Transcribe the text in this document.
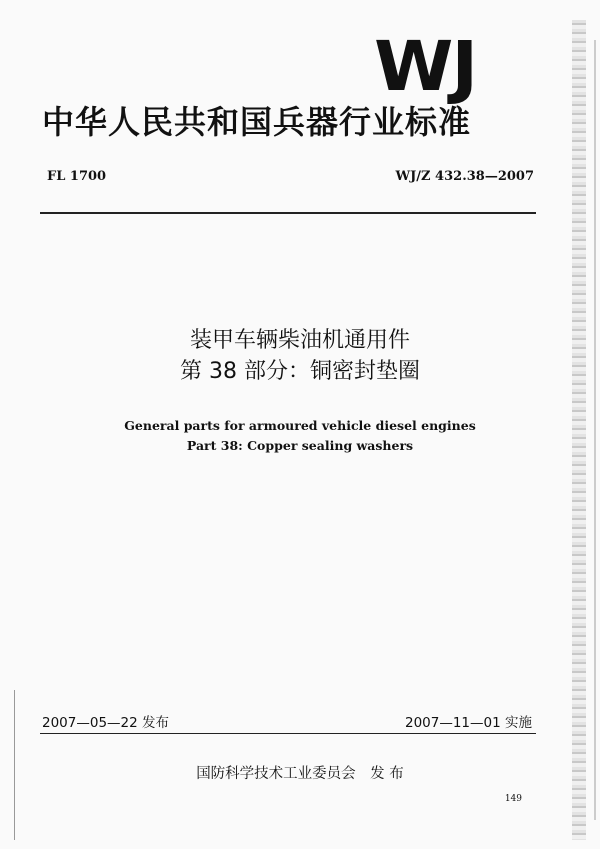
WJ
中华人民共和国兵器行业标准
FL 1700	WJ/Z 432.38—2007
装甲车辆柴油机通用件
第 38 部分：铜密封垫圈
General parts for armoured vehicle diesel engines
Part 38: Copper sealing washers
2007—05—22 发布	2007—11—01 实施
国防科学技术工业委员会　发 布
149
